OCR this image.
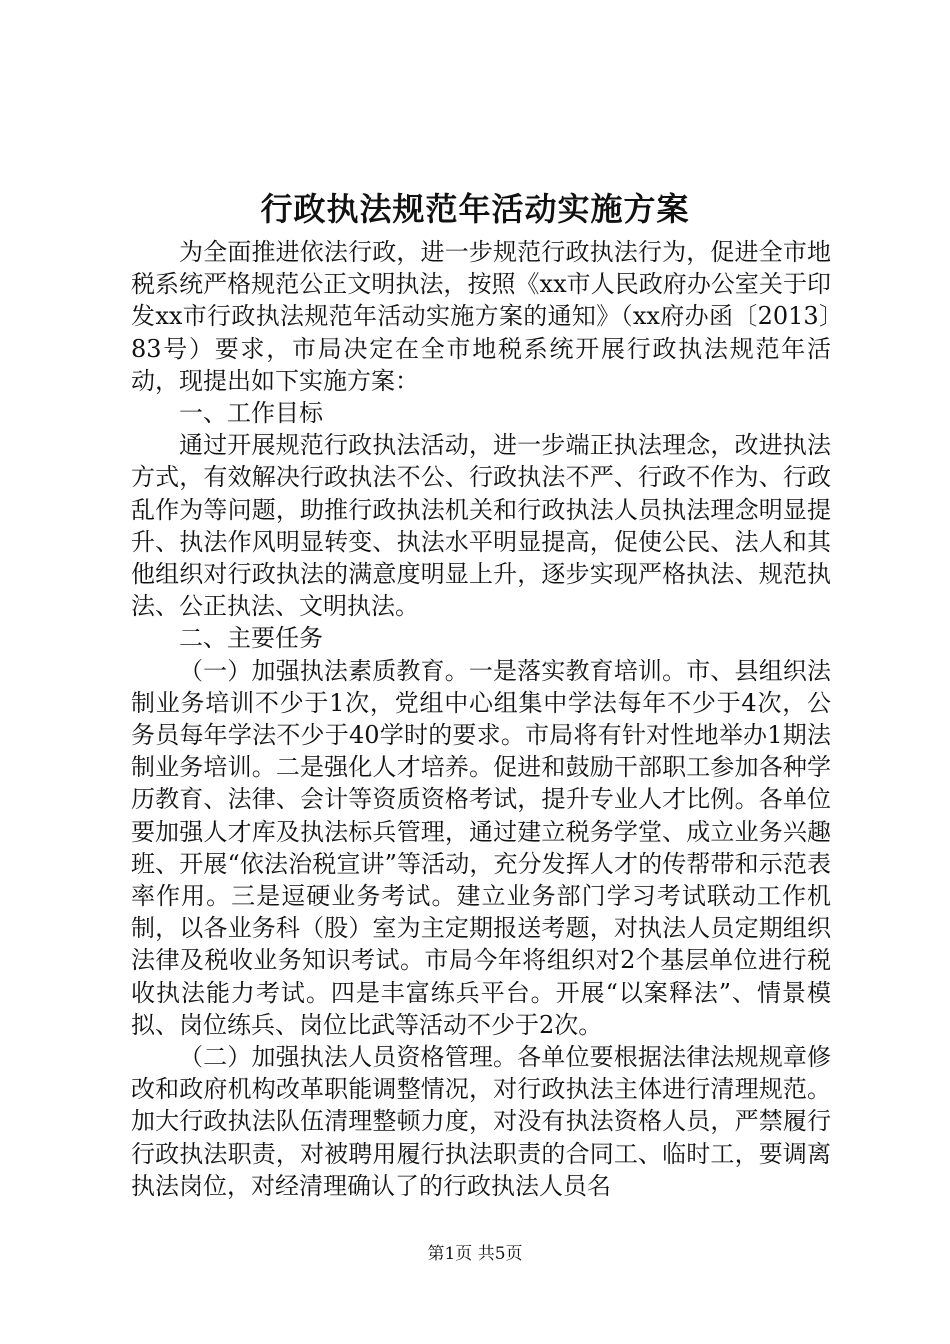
行政执法规范年活动实施方案

为全面推进依法行政，进一步规范行政执法行为，促进全市地税系统严格规范公正文明执法，按照《xx市人民政府办公室关于印发xx市行政执法规范年活动实施方案的通知》（xx府办函〔2013〕83号）要求，市局决定在全市地税系统开展行政执法规范年活动，现提出如下实施方案：

一、工作目标

通过开展规范行政执法活动，进一步端正执法理念，改进执法方式，有效解决行政执法不公、行政执法不严、行政不作为、行政乱作为等问题，助推行政执法机关和行政执法人员执法理念明显提升、执法作风明显转变、执法水平明显提高，促使公民、法人和其他组织对行政执法的满意度明显上升，逐步实现严格执法、规范执法、公正执法、文明执法。

二、主要任务

（一）加强执法素质教育。一是落实教育培训。市、县组织法制业务培训不少于1次，党组中心组集中学法每年不少于4次，公务员每年学法不少于40学时的要求。市局将有针对性地举办1期法制业务培训。二是强化人才培养。促进和鼓励干部职工参加各种学历教育、法律、会计等资质资格考试，提升专业人才比例。各单位要加强人才库及执法标兵管理，通过建立税务学堂、成立业务兴趣班、开展“依法治税宣讲”等活动，充分发挥人才的传帮带和示范表率作用。三是逗硬业务考试。建立业务部门学习考试联动工作机制，以各业务科（股）室为主定期报送考题，对执法人员定期组织法律及税收业务知识考试。市局今年将组织对2个基层单位进行税收执法能力考试。四是丰富练兵平台。开展“以案释法”、情景模拟、岗位练兵、岗位比武等活动不少于2次。

（二）加强执法人员资格管理。各单位要根据法律法规规章修改和政府机构改革职能调整情况，对行政执法主体进行清理规范。加大行政执法队伍清理整顿力度，对没有执法资格人员，严禁履行行政执法职责，对被聘用履行执法职责的合同工、临时工，要调离执法岗位，对经清理确认了的行政执法人员名

第1页 共5页
